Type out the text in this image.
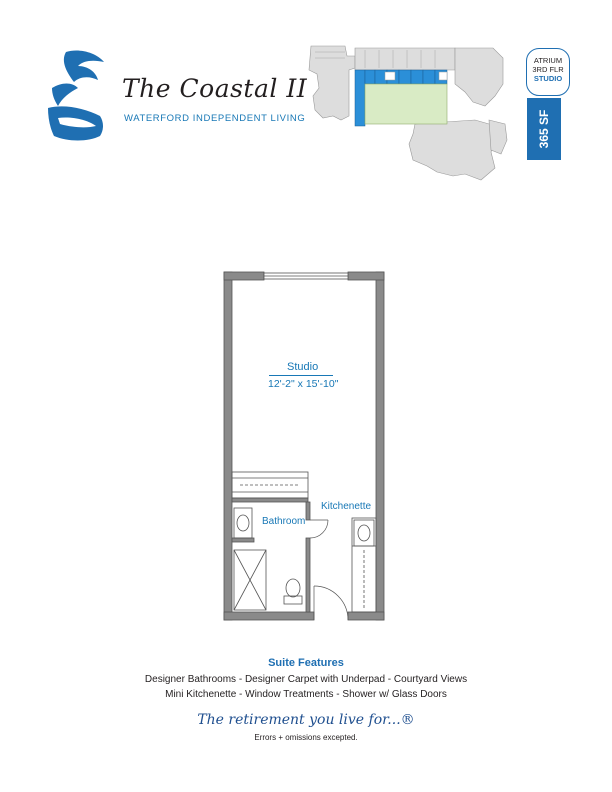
The Coastal II
WATERFORD INDEPENDENT LIVING
ATRIUM
3RD FLR
STUDIO
365 SF
Studio
12'-2" x 15'-10"
Kitchenette
Bathroom
Suite Features
Designer Bathrooms - Designer Carpet with Underpad - Courtyard Views
Mini Kitchenette - Window Treatments - Shower w/ Glass Doors
The retirement you live for...®
Errors + omissions excepted.
